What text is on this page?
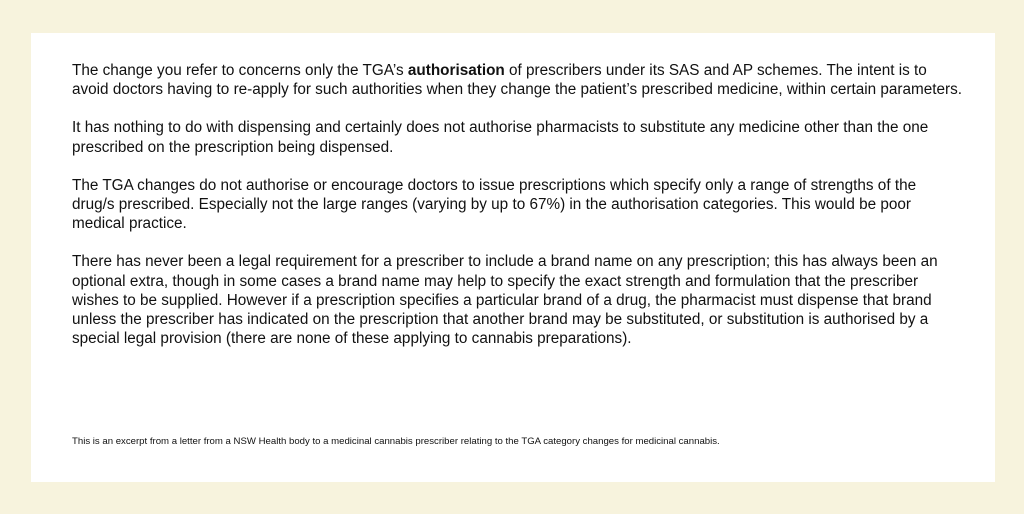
The change you refer to concerns only the TGA’s authorisation of prescribers under its SAS and AP schemes. The intent is to avoid doctors having to re-apply for such authorities when they change the patient’s prescribed medicine, within certain parameters.

It has nothing to do with dispensing and certainly does not authorise pharmacists to substitute any medicine other than the one prescribed on the prescription being dispensed.

The TGA changes do not authorise or encourage doctors to issue prescriptions which specify only a range of strengths of the drug/s prescribed. Especially not the large ranges (varying by up to 67%) in the authorisation categories. This would be poor medical practice.

There has never been a legal requirement for a prescriber to include a brand name on any prescription; this has always been an optional extra, though in some cases a brand name may help to specify the exact strength and formulation that the prescriber wishes to be supplied. However if a prescription specifies a particular brand of a drug, the pharmacist must dispense that brand unless the prescriber has indicated on the prescription that another brand may be substituted, or substitution is authorised by a special legal provision (there are none of these applying to cannabis preparations).

This is an excerpt from a letter from a NSW Health body to a medicinal cannabis prescriber relating to the TGA category changes for medicinal cannabis.
